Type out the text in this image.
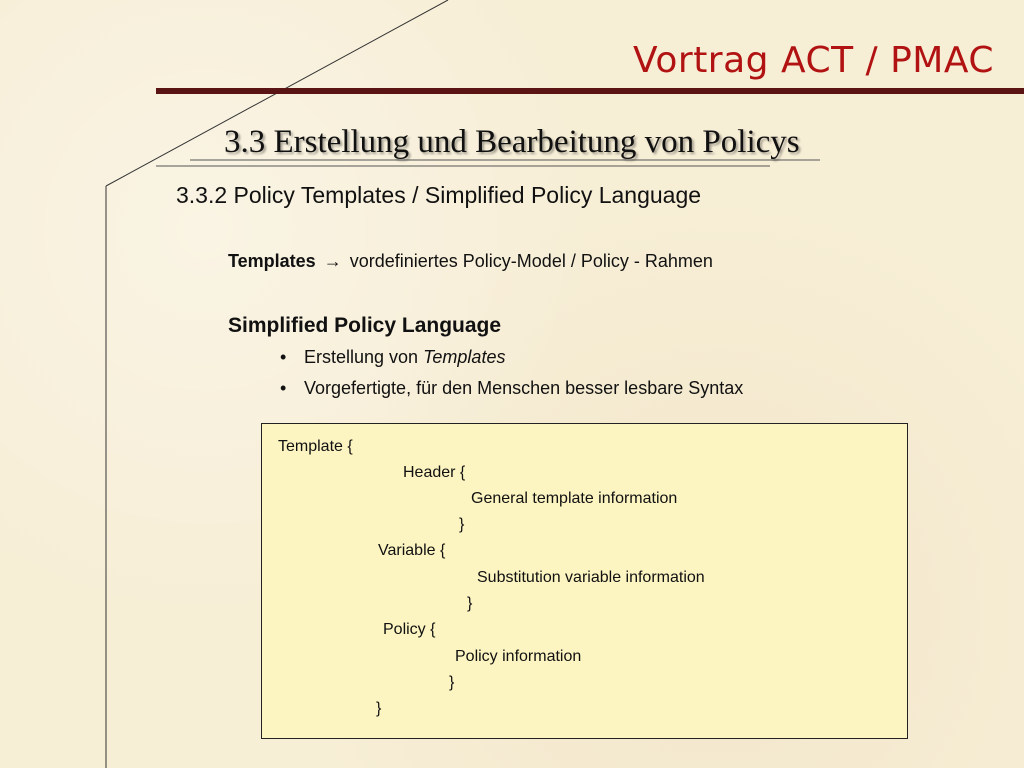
Vortrag ACT / PMAC
3.3 Erstellung und Bearbeitung von Policys
3.3.2 Policy Templates / Simplified Policy Language
Templates → vordefiniertes Policy-Model / Policy - Rahmen
Simplified Policy Language
• Erstellung von Templates
• Vorgefertigte, für den Menschen besser lesbare Syntax
Template {
Header {
General template information
}
Variable {
Substitution variable information
}
Policy {
Policy information
}
}
